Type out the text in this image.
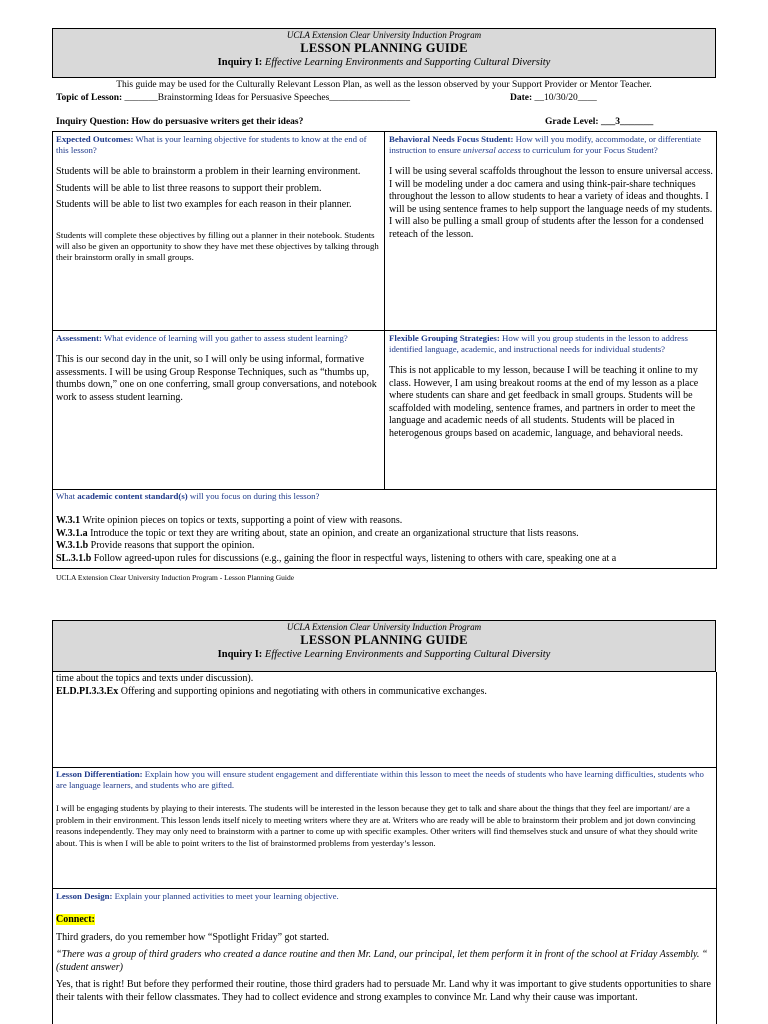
UCLA Extension Clear University Induction Program
LESSON PLANNING GUIDE
Inquiry I: Effective Learning Environments and Supporting Cultural Diversity
This guide may be used for the Culturally Relevant Lesson Plan, as well as the lesson observed by your Support Provider or Mentor Teacher.
Topic of Lesson: _______Brainstorming Ideas for Persuasive Speeches_________________	Date: __10/30/20____
Inquiry Question: How do persuasive writers get their ideas?	Grade Level: ___3_______

Expected Outcomes: What is your learning objective for students to know at the end of this lesson?

Students will be able to brainstorm a problem in their learning environment.

Students will be able to list three reasons to support their problem.

Students will be able to list two examples for each reason in their planner.

Students will complete these objectives by filling out a planner in their notebook. Students will also be given an opportunity to show they have met these objectives by talking through their brainstorm orally in small groups.

Behavioral Needs Focus Student: How will you modify, accommodate, or differentiate instruction to ensure universal access to curriculum for your Focus Student?

I will be using several scaffolds throughout the lesson to ensure universal access. I will be modeling under a doc camera and using think-pair-share techniques throughout the lesson to allow students to hear a variety of ideas and thoughts. I will be using sentence frames to help support the language needs of my students. I will also be pulling a small group of students after the lesson for a condensed reteach of the lesson.

Assessment: What evidence of learning will you gather to assess student learning?

This is our second day in the unit, so I will only be using informal, formative assessments. I will be using Group Response Techniques, such as “thumbs up, thumbs down,” one on one conferring, small group conversations, and notebook work to assess student learning.

Flexible Grouping Strategies: How will you group students in the lesson to address identified language, academic, and instructional needs for individual students?

This is not applicable to my lesson, because I will be teaching it online to my class. However, I am using breakout rooms at the end of my lesson as a place where students can share and get feedback in small groups. Students will be scaffolded with modeling, sentence frames, and partners in order to meet the language and academic needs of all students. Students will be placed in heterogenous groups based on academic, language, and behavioral needs.

What academic content standard(s) will you focus on during this lesson?

W.3.1 Write opinion pieces on topics or texts, supporting a point of view with reasons.

W.3.1.a Introduce the topic or text they are writing about, state an opinion, and create an organizational structure that lists reasons.

W.3.1.b Provide reasons that support the opinion.

SL.3.1.b Follow agreed-upon rules for discussions (e.g., gaining the floor in respectful ways, listening to others with care, speaking one at a

UCLA Extension Clear University Induction Program - Lesson Planning Guide
UCLA Extension Clear University Induction Program
LESSON PLANNING GUIDE
Inquiry I: Effective Learning Environments and Supporting Cultural Diversity

time about the topics and texts under discussion).

ELD.PI.3.3.Ex Offering and supporting opinions and negotiating with others in communicative exchanges.

Lesson Differentiation: Explain how you will ensure student engagement and differentiate within this lesson to meet the needs of students who have learning difficulties, students who are language learners, and students who are gifted.

I will be engaging students by playing to their interests. The students will be interested in the lesson because they get to talk and share about the things that they feel are important/ are a problem in their environment. This lesson lends itself nicely to meeting writers where they are at. Writers who are ready will be able to brainstorm their problem and jot down convincing reasons independently. They may only need to brainstorm with a partner to come up with specific examples. Other writers will find themselves stuck and unsure of what they should write about. This is when I will be able to point writers to the list of brainstormed problems from yesterday’s lesson.

Lesson Design: Explain your planned activities to meet your learning objective.

Connect:

Third graders, do you remember how “Spotlight Friday” got started.

“There was a group of third graders who created a dance routine and then Mr. Land, our principal, let them perform it in front of the school at Friday Assembly. “ (student answer)

Yes, that is right! But before they performed their routine, those third graders had to persuade Mr. Land why it was important to give students opportunities to share their talents with their fellow classmates. They had to collect evidence and strong examples to convince Mr. Land why their cause was important.
